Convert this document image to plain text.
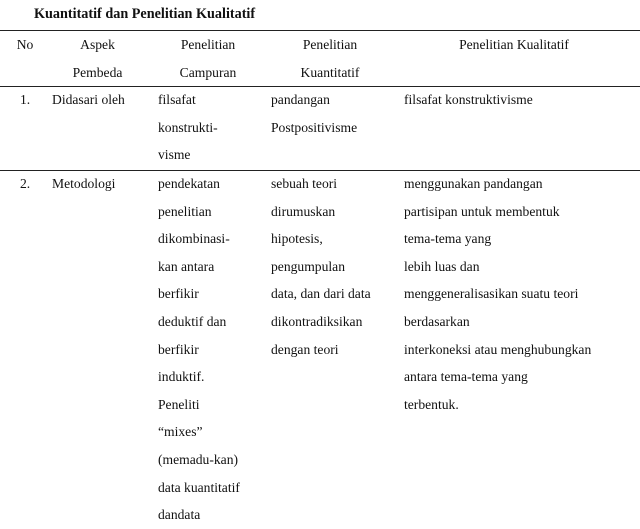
Kuantitatif dan Penelitian Kualitatif
No	Aspek
Pembeda
Penelitian
Campuran
Penelitian
Kuantitatif
Penelitian Kualitatif
1. Didasari oleh filsafat
konstrukti-
visme
pandangan
Postpositivisme
filsafat konstruktivisme
2. Metodologi	pendekatan
penelitian
dikombinasi-
kan antara
berfikir
deduktif dan
berfikir
induktif.
Peneliti
“mixes”
(memadu-kan)
data kuantitatif
dandata
sebuah teori
dirumuskan
hipotesis,
pengumpulan
data, dan dari data
dikontradiksikan
dengan teori
menggunakan pandangan
partisipan untuk membentuk
tema-tema yang
lebih luas dan
menggeneralisasikan suatu teori
berdasarkan
interkoneksi atau menghubungkan
antara tema-tema yang
terbentuk.
